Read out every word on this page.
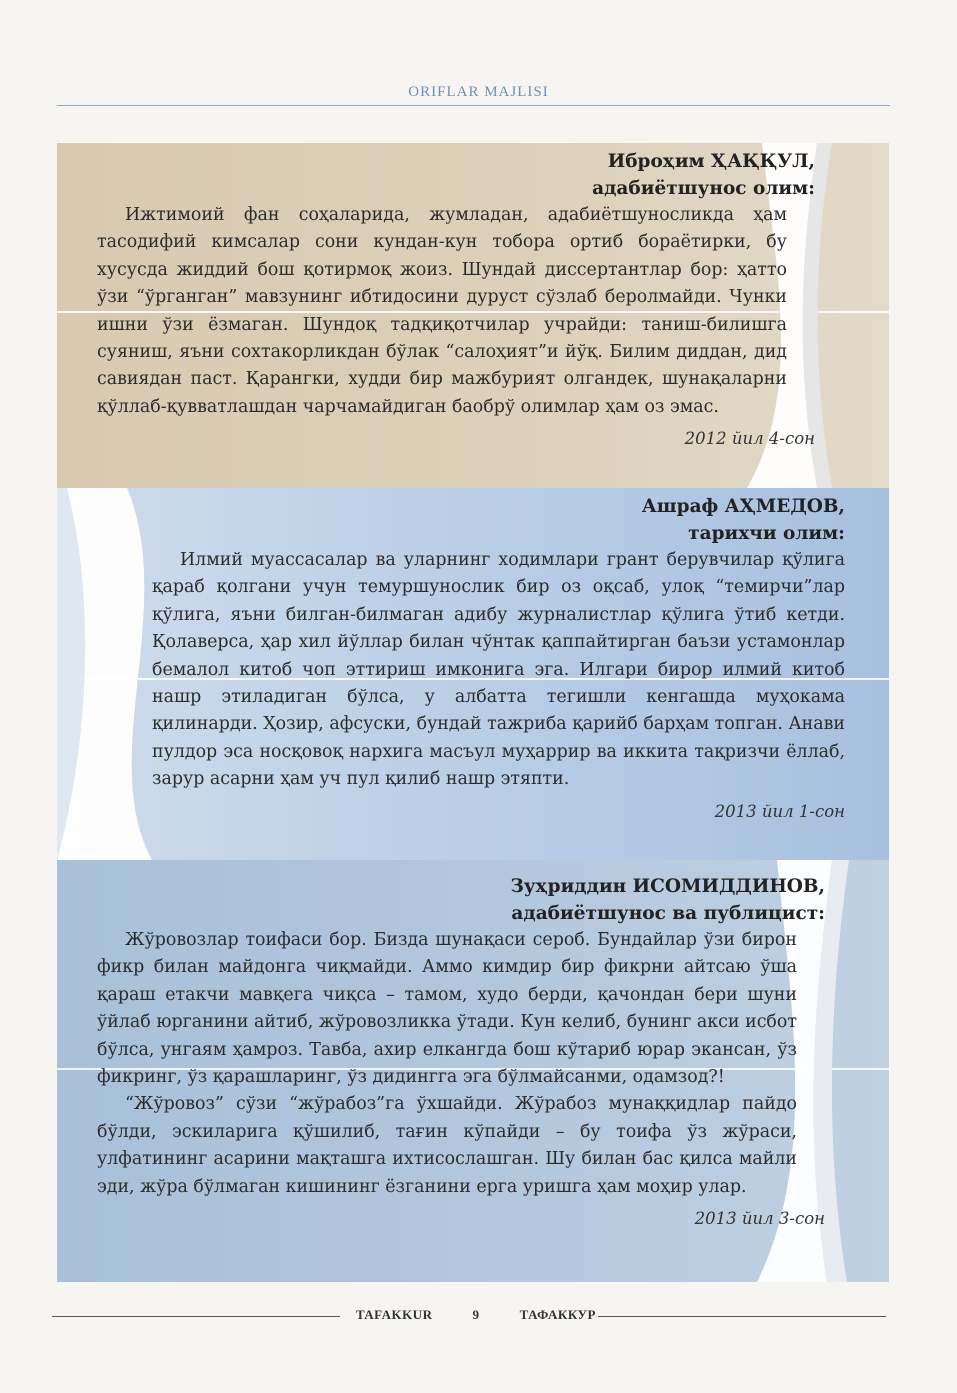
ORIFLAR MAJLISI
Иброҳим ҲАҚҚУЛ,
адабиётшунос олим:

Ижтимоий фан соҳаларида, жумладан, адабиётшуносликда ҳам тасодифий кимсалар сони кундан-кун тобора ортиб бораётирки, бу хусусда жиддий бош қотирмоқ жоиз. Шундай диссертантлар бор: ҳатто ўзи “ўрганган” мавзунинг ибтидосини дуруст сўзлаб беролмайди. Чунки ишни ўзи ёзмаган. Шундоқ тадқиқотчилар учрайди: таниш-билишга суяниш, яъни сохтакорликдан бўлак “салоҳият”и йўқ. Билим диддан, дид савиядан паст. Қарангки, худди бир мажбурият олгандек, шунақаларни қўллаб-қувватлашдан чарчамайдиган баобрў олимлар ҳам оз эмас.

2012 йил 4-сон
Ашраф АҲМЕДОВ,
тарихчи олим:

Илмий муассасалар ва уларнинг ходимлари грант берувчилар қўлига қараб қолгани учун темуршунослик бир оз оқсаб, улоқ “темирчи”лар қўлига, яъни билган-билмаган адибу журналистлар қўлига ўтиб кетди. Қолаверса, ҳар хил йўллар билан чўнтак қаппайтирган баъзи устамонлар бемалол китоб чоп эттириш имконига эга. Илгари бирор илмий китоб нашр этиладиган бўлса, у албатта тегишли кенгашда муҳокама қилинарди. Ҳозир, афсуски, бундай тажриба қарийб барҳам топган. Анави пулдор эса носқовоқ нархига масъул муҳаррир ва иккита тақризчи ёллаб, зарур асарни ҳам уч пул қилиб нашр этяпти.

2013 йил 1-сон
Зуҳриддин ИСОМИДДИНОВ,
адабиётшунос ва публицист:

Жўровозлар тоифаси бор. Бизда шунақаси сероб. Бундайлар ўзи бирон фикр билан майдонга чиқмайди. Аммо кимдир бир фикрни айтсаю ўша қараш етакчи мавқега чиқса – тамом, худо берди, қачондан бери шуни ўйлаб юрганини айтиб, жўровозликка ўтади. Кун келиб, бунинг акси исбот бўлса, унгаям ҳамроз. Тавба, ахир елкангда бош кўтариб юрар экансан, ўз фикринг, ўз қарашларинг, ўз дидингга эга бўлмайсанми, одамзод?!

“Жўровоз” сўзи “жўрабоз”га ўхшайди. Жўрабоз мунаққидлар пайдо бўлди, эскиларига қўшилиб, тағин кўпайди – бу тоифа ўз жўраси, улфатининг асарини мақташга ихтисослашган. Шу билан бас қилса майли эди, жўра бўлмаган кишининг ёзганини ерга уришга ҳам моҳир улар.

2013 йил 3-сон
TAFAKKUR	9	ТАФАККУР
